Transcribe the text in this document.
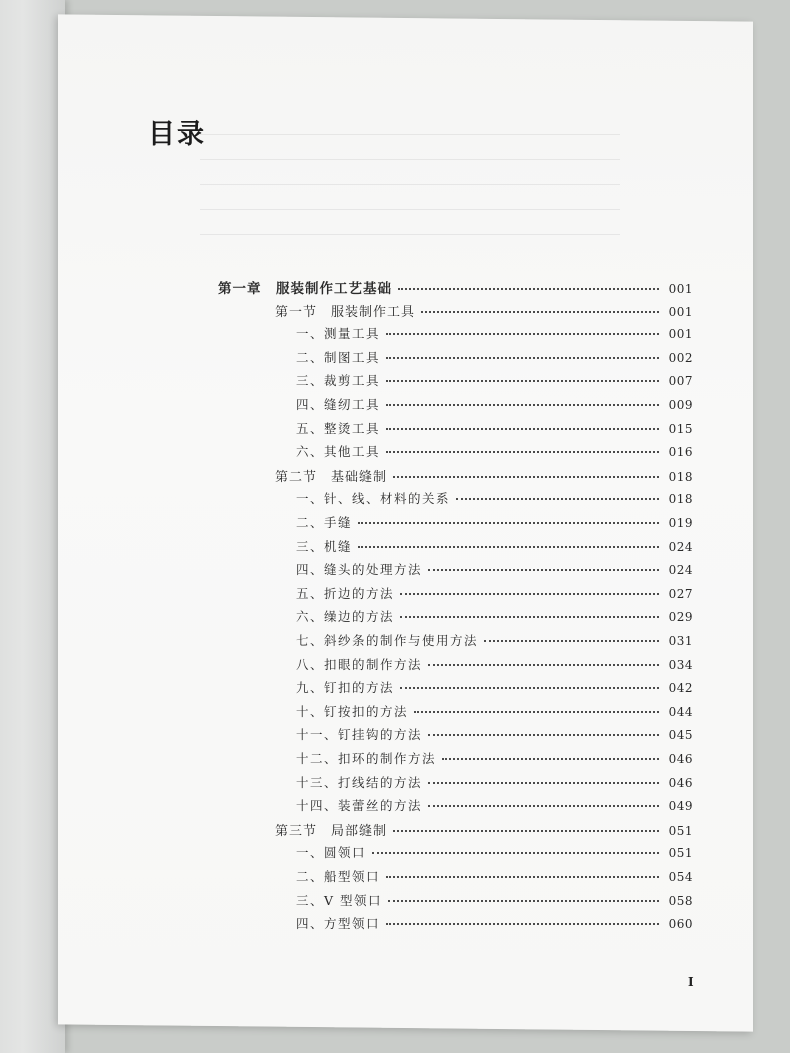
目录
第一章　服装制作工艺基础	001
第一节　服装制作工具	001
一、测量工具	001
二、制图工具	002
三、裁剪工具	007
四、缝纫工具	009
五、整烫工具	015
六、其他工具	016
第二节　基础缝制	018
一、针、线、材料的关系	018
二、手缝	019
三、机缝	024
四、缝头的处理方法	024
五、折边的方法	027
六、缲边的方法	029
七、斜纱条的制作与使用方法	031
八、扣眼的制作方法	034
九、钉扣的方法	042
十、钉按扣的方法	044
十一、钉挂钩的方法	045
十二、扣环的制作方法	046
十三、打线结的方法	046
十四、装蕾丝的方法	049
第三节　局部缝制	051
一、圆领口	051
二、船型领口	054
三、V 型领口	058
四、方型领口	060
I
